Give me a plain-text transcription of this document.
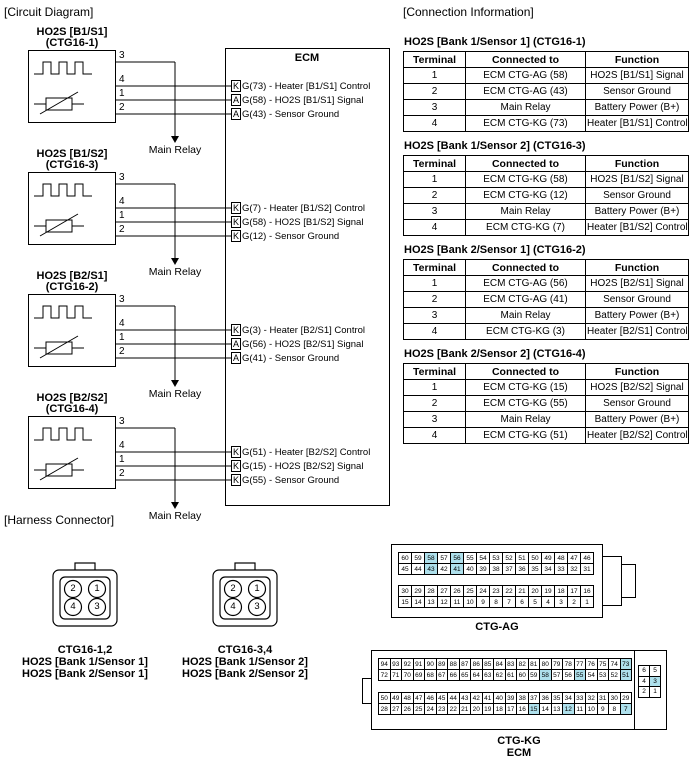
[Circuit Diagram]	[Connection Information]
[Harness Connector]
ECM
HO2S [Bank 1/Sensor 1] (CTG16-1)
Terminal	Connected to	Function
1	ECM CTG-AG (58)	HO2S [B1/S1] Signal
2	ECM CTG-AG (43)	Sensor Ground
3	Main Relay	Battery Power (B+)
4	ECM CTG-KG (73)	Heater [B1/S1] Control
HO2S [Bank 1/Sensor 2] (CTG16-3)
Terminal	Connected to	Function
1	ECM CTG-KG (58)	HO2S [B1/S2] Signal
2	ECM CTG-KG (12)	Sensor Ground
3	Main Relay	Battery Power (B+)
4	ECM CTG-KG (7)	Heater [B1/S2] Control
HO2S [Bank 2/Sensor 1] (CTG16-2)
Terminal	Connected to	Function
1	ECM CTG-AG (56)	HO2S [B2/S1] Signal
2	ECM CTG-AG (41)	Sensor Ground
3	Main Relay	Battery Power (B+)
4	ECM CTG-KG (3)	Heater [B2/S1] Control
HO2S [Bank 2/Sensor 2] (CTG16-4)
Terminal	Connected to	Function
1	ECM CTG-KG (15)	HO2S [B2/S2] Signal
2	ECM CTG-KG (55)	Sensor Ground
3	Main Relay	Battery Power (B+)
4	ECM CTG-KG (51)	Heater [B2/S2] Control
2 1
4 3
2 1
4 3
CTG16-1,2
HO2S [Bank 1/Sensor 1]
HO2S [Bank 2/Sensor 1]
CTG16-3,4
HO2S [Bank 1/Sensor 2]
HO2S [Bank 2/Sensor 2]
CTG-AG
CTG-KG
ECM
HO2S [B1/S1]
(CTG16-1)
Main Relay
3
4
1
2
K G(73) - Heater [B1/S1] Control
A G(58) - HO2S [B1/S1] Signal
A G(43) - Sensor Ground
HO2S [B1/S2]
(CTG16-3)
Main Relay
3
4
1
2
K G(7) - Heater [B1/S2] Control
K G(58) - HO2S [B1/S2] Signal
K G(12) - Sensor Ground
HO2S [B2/S1]
(CTG16-2)
Main Relay
3
4
1
2
K G(3) - Heater [B2/S1] Control
A G(56) - HO2S [B2/S1] Signal
A G(41) - Sensor Ground
HO2S [B2/S2]
(CTG16-4)
Main Relay
3
4
1
2
K G(51) - Heater [B2/S2] Control
K G(15) - HO2S [B2/S2] Signal
K G(55) - Sensor Ground
60 59 58 57 56 55 54 53 52 51 50 49 48 47 46
45 44 43 42 41 40 39 38 37 36 35 34 33 32 31
30 29 28 27 26 25 24 23 22 21 20 19 18 17 16
15 14 13 12 11 10	9	8	7	6	5	4	3	2	1
94 93 92 91 90 89 88 87 86 85 84 83 82 81 80 79 78 77 76 75 74 73
72 71 70 69 68 67 66 65 64 63 62 61 60 59 58 57 56 55 54 53 52 51
50 49 48 47 46 45 44 43 42 41 40 39 38 37 36 35 34 33 32 31 30 29
28 27 26 25 24 23 22 21 20 19 18 17 16 15 14 13 12 11 10 9	8	7
6	5
4	3
2	1
